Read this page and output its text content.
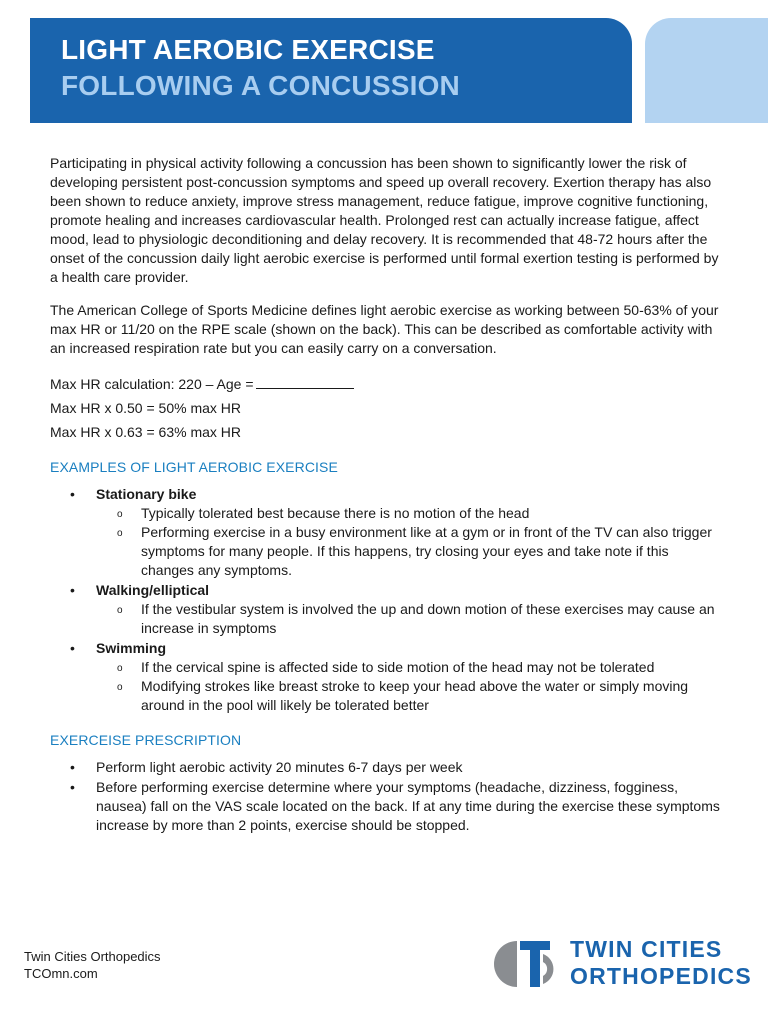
LIGHT AEROBIC EXERCISE
FOLLOWING A CONCUSSION

Participating in physical activity following a concussion has been shown to significantly lower the risk of developing persistent post-concussion symptoms and speed up overall recovery. Exertion therapy has also been shown to reduce anxiety, improve stress management, reduce fatigue, improve cognitive functioning, promote healing and increases cardiovascular health. Prolonged rest can actually increase fatigue, affect mood, lead to physiologic deconditioning and delay recovery. It is recommended that 48-72 hours after the onset of the concussion daily light aerobic exercise is performed until formal exertion testing is performed by a health care provider.

The American College of Sports Medicine defines light aerobic exercise as working between 50-63% of your max HR or 11/20 on the RPE scale (shown on the back). This can be described as comfortable activity with an increased respiration rate but you can easily carry on a conversation.

Max HR calculation: 220 – Age =
Max HR x 0.50 = 50% max HR
Max HR x 0.63 = 63% max HR
EXAMPLES OF LIGHT AEROBIC EXERCISE
• Stationary bike
o Typically tolerated best because there is no motion of the head
o Performing exercise in a busy environment like at a gym or in front of the TV can also trigger symptoms for many people. If this happens, try closing your eyes and take note if this changes any symptoms.
• Walking/elliptical
o If the vestibular system is involved the up and down motion of these exercises may cause an increase in symptoms
• Swimming
o If the cervical spine is affected side to side motion of the head may not be tolerated
o Modifying strokes like breast stroke to keep your head above the water or simply moving around in the pool will likely be tolerated better
EXERCEISE PRESCRIPTION
• Perform light aerobic activity 20 minutes 6-7 days per week
• Before performing exercise determine where your symptoms (headache, dizziness, fogginess, nausea) fall on the VAS scale located on the back. If at any time during the exercise these symptoms increase by more than 2 points, exercise should be stopped.
Twin Cities Orthopedics
TCOmn.com
TWIN CITIES
ORTHOPEDICS
